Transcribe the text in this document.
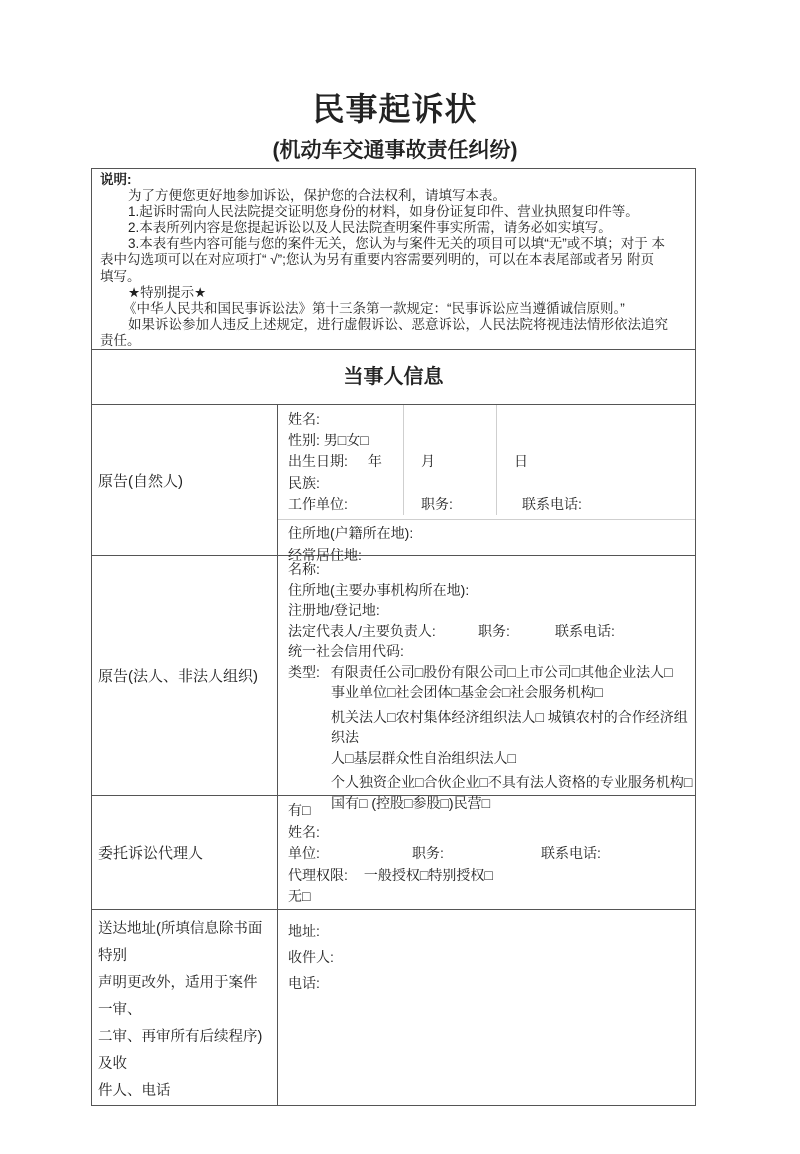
民事起诉状
(机动车交通事故责任纠纷)
说明:
为了方便您更好地参加诉讼，保护您的合法权利，请填写本表。
1.起诉时需向人民法院提交证明您身份的材料，如身份证复印件、营业执照复印件等。
2.本表所列内容是您提起诉讼以及人民法院查明案件事实所需，请务必如实填写。
3.本表有些内容可能与您的案件无关，您认为与案件无关的项目可以填“无”或不填；对于 本
表中勾选项可以在对应项打“ √”;您认为另有重要内容需要列明的，可以在本表尾部或者另 附页
填写。
★特别提示★
《中华人民共和国民事诉讼法》第十三条第一款规定：“民事诉讼应当遵循诚信原则。”
如果诉讼参加人违反上述规定，进行虚假诉讼、恶意诉讼，人民法院将视违法情形依法追究
责任。
当事人信息
原告(自然人)
姓名:
性别: 男□女□
出生日期: 年	月	日
民族:
工作单位:	职务:	联系电话:
住所地(户籍所在地):
经常居住地:
原告(法人、非法人组织)
名称:
住所地(主要办事机构所在地):
注册地/登记地:
法定代表人/主要负责人:	职务:	联系电话:
统一社会信用代码:
类型: 有限责任公司□股份有限公司□上市公司□其他企业法人□
事业单位□社会团体□基金会□社会服务机构□
机关法人□农村集体经济组织法人□ 城镇农村的合作经济组织法
人□基层群众性自治组织法人□
个人独资企业□合伙企业□不具有法人资格的专业服务机构□
国有□ (控股□参股□)民营□
委托诉讼代理人
有□
姓名:
单位:	职务:	联系电话:
代理权限: 一般授权□特别授权□
无□
送达地址(所填信息除书面特别
声明更改外，适用于案件一审、
二审、再审所有后续程序)及收
件人、电话
地址:
收件人:
电话:
